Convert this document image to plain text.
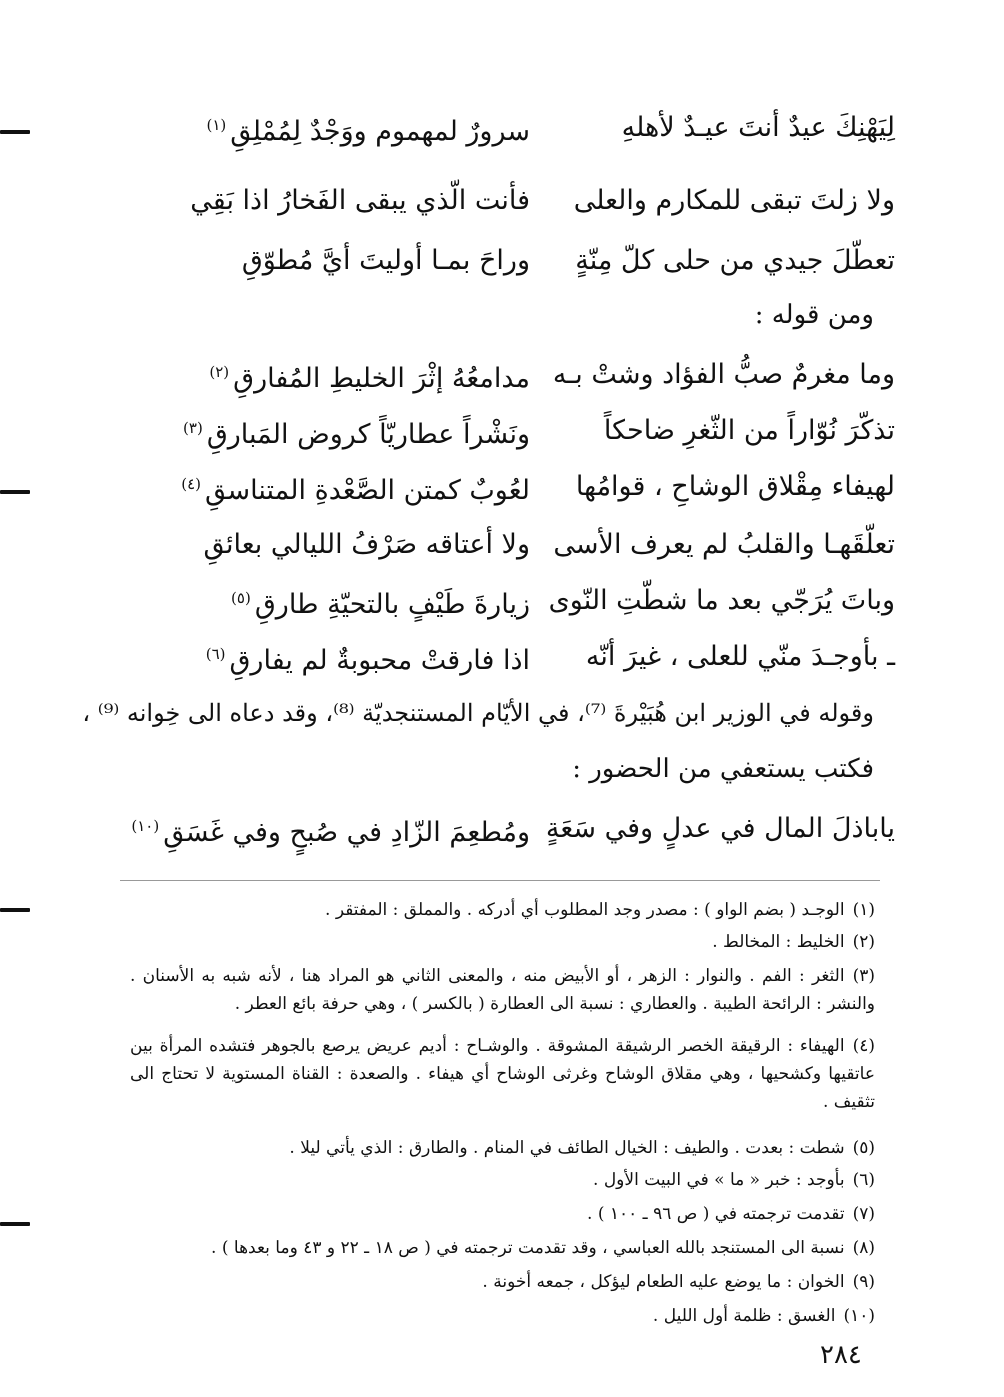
لِيَهْنِكَ عيدٌ أنتَ عيـدٌ لأهلهِ
سرورٌ لمهموم ووَجْدٌ لِمُمْلِقِ$^{(١)}$
ولا زلتَ تبقى للمكارم والعلى
فأنت الّذي يبقى الفَخارُ اذا بَقِي
تعطّلَ جيدي من حلى كلّ مِنّةٍ
وراحَ بمـا أوليتَ أيَّ مُطوّقِ
ومن قوله :
وما مغرمٌ صبُّ الفؤاد وشتْ بـه
مدامعُهُ إثْرَ الخليطِ المُفارقِ$^{(٢)}$
تذكّرَ نُوّاراً من الثّغرِ ضاحكاً
ونَشْراً عطاريّاً كروض المَبارقِ$^{(٣)}$
لهيفاء مِقْلاق الوشاحِ ، قوامُها
لعُوبٌ كمتن الصَّعْدةِ المتناسقِ$^{(٤)}$
تعلّقَهـا والقلبُ لم يعرف الأسى
ولا أعتاقه صَرْفُ الليالي بعائقِ
وباتَ يُرَجّي بعد ما شطّتِ النّوى
زيارةَ طَيْفٍ بالتحيّةِ طارقِ$^{(٥)}$
ـ بأوجـدَ منّي للعلى ، غيرَ أنّه
اذا فارقتْ محبوبةٌ لم يفارقِ$^{(٦)}$
وقوله في الوزير ابن هُبَيْرةَ ⁽⁷⁾، في الأيّام المستنجديّة ⁽⁸⁾، وقد دعاه الى خِوانه ⁽⁹⁾ ،
فكتب يستعفي من الحضور :
ياباذلَ المال في عدلٍ وفي سَعَةٍ
ومُطعِمَ الزّادِ في صُبحٍ وفي غَسَقِ$^{(١٠)}$
(١)الوجـد ( بضم الواو ) : مصدر وجد المطلوب أي أدركه . والمملق : المفتقر .
(٢)الخليط : المخالط .
(٣)الثغر : الفم . والنوار : الزهر ، أو الأبيض منه ، والمعنى الثاني هو المراد هنا ، لأنه شبه به الأسنان . والنشر : الرائحة الطيبة . والعطاري : نسبة الى العطارة ( بالكسر ) ، وهي حرفة بائع العطر .
(٤)الهيفاء : الرقيقة الخصر الرشيقة المشوقة . والوشـاح : أديم عريض يرصع بالجوهر فتشده المرأة بين عاتقيها وكشحيها ، وهي مقلاق الوشاح وغرثى الوشاح أي هيفاء . والصعدة : القناة المستوية لا تحتاج الى تثقيف .
(٥)شطت : بعدت . والطيف : الخيال الطائف في المنام . والطارق : الذي يأتي ليلا .
(٦)بأوجد : خبر « ما » في البيت الأول .
(٧)تقدمت ترجمته في ( ص ٩٦ ـ ١٠٠ ) .
(٨)نسبة الى المستنجد بالله العباسي ، وقد تقدمت ترجمته في ( ص ١٨ ـ ٢٢ و ٤٣ وما بعدها ) .
(٩)الخوان : ما يوضع عليه الطعام ليؤكل ، جمعه أخونة .
(١٠)الغسق : ظلمة أول الليل .
٢٨٤
